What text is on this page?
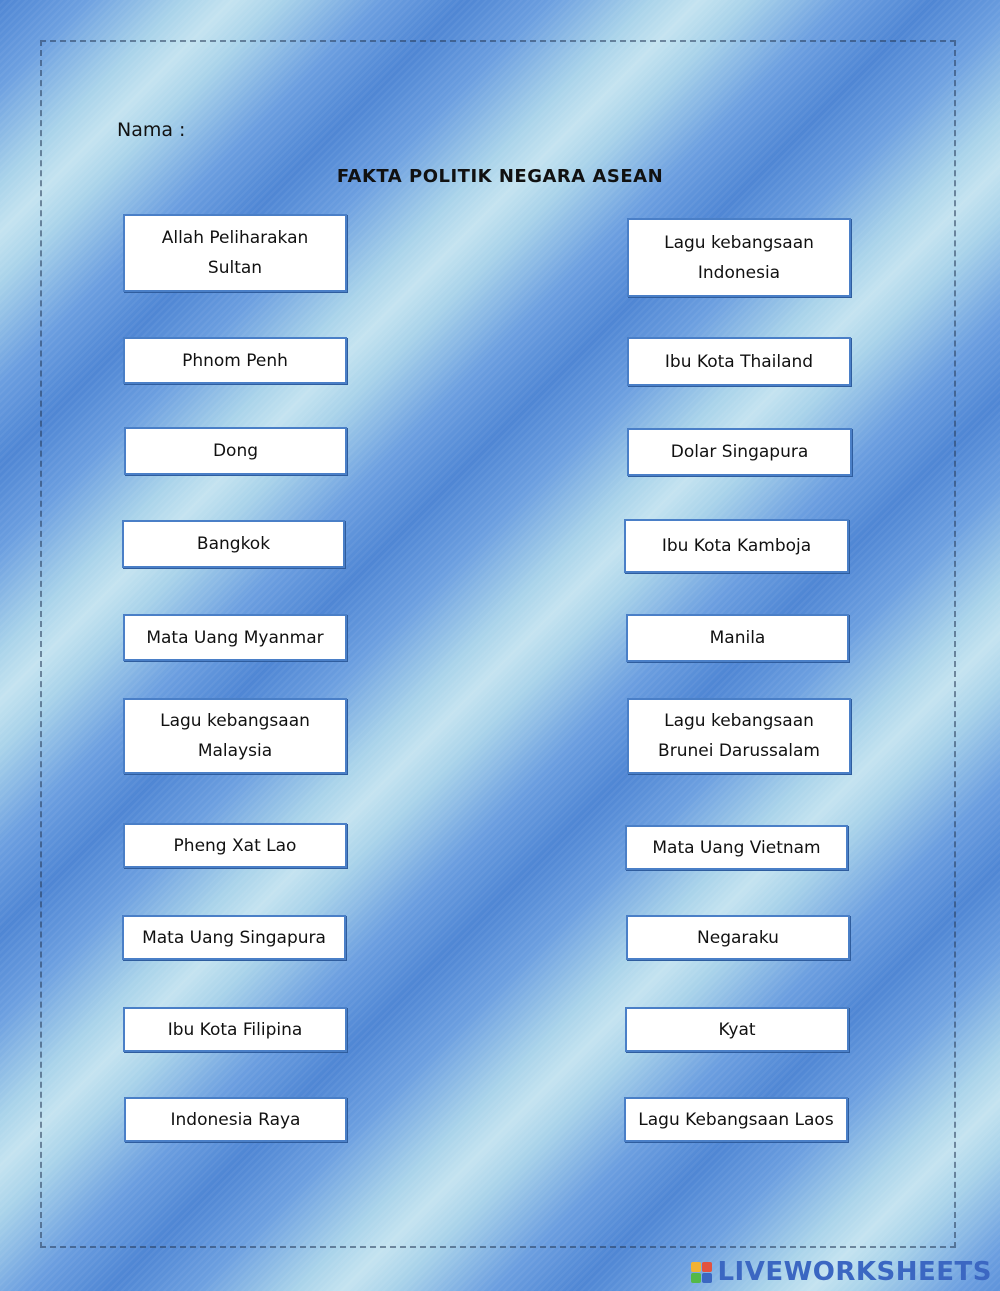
Nama :
FAKTA POLITIK NEGARA ASEAN
Allah Peliharakan
Sultan
Phnom Penh
Dong
Bangkok
Mata Uang Myanmar
Lagu kebangsaan
Malaysia
Pheng Xat Lao
Mata Uang Singapura
Ibu Kota Filipina
Indonesia Raya
Lagu kebangsaan
Indonesia
Ibu Kota Thailand
Dolar Singapura
Ibu Kota Kamboja
Manila
Lagu kebangsaan
Brunei Darussalam
Mata Uang Vietnam
Negaraku
Kyat
Lagu Kebangsaan Laos
LIVEWORKSHEETS
